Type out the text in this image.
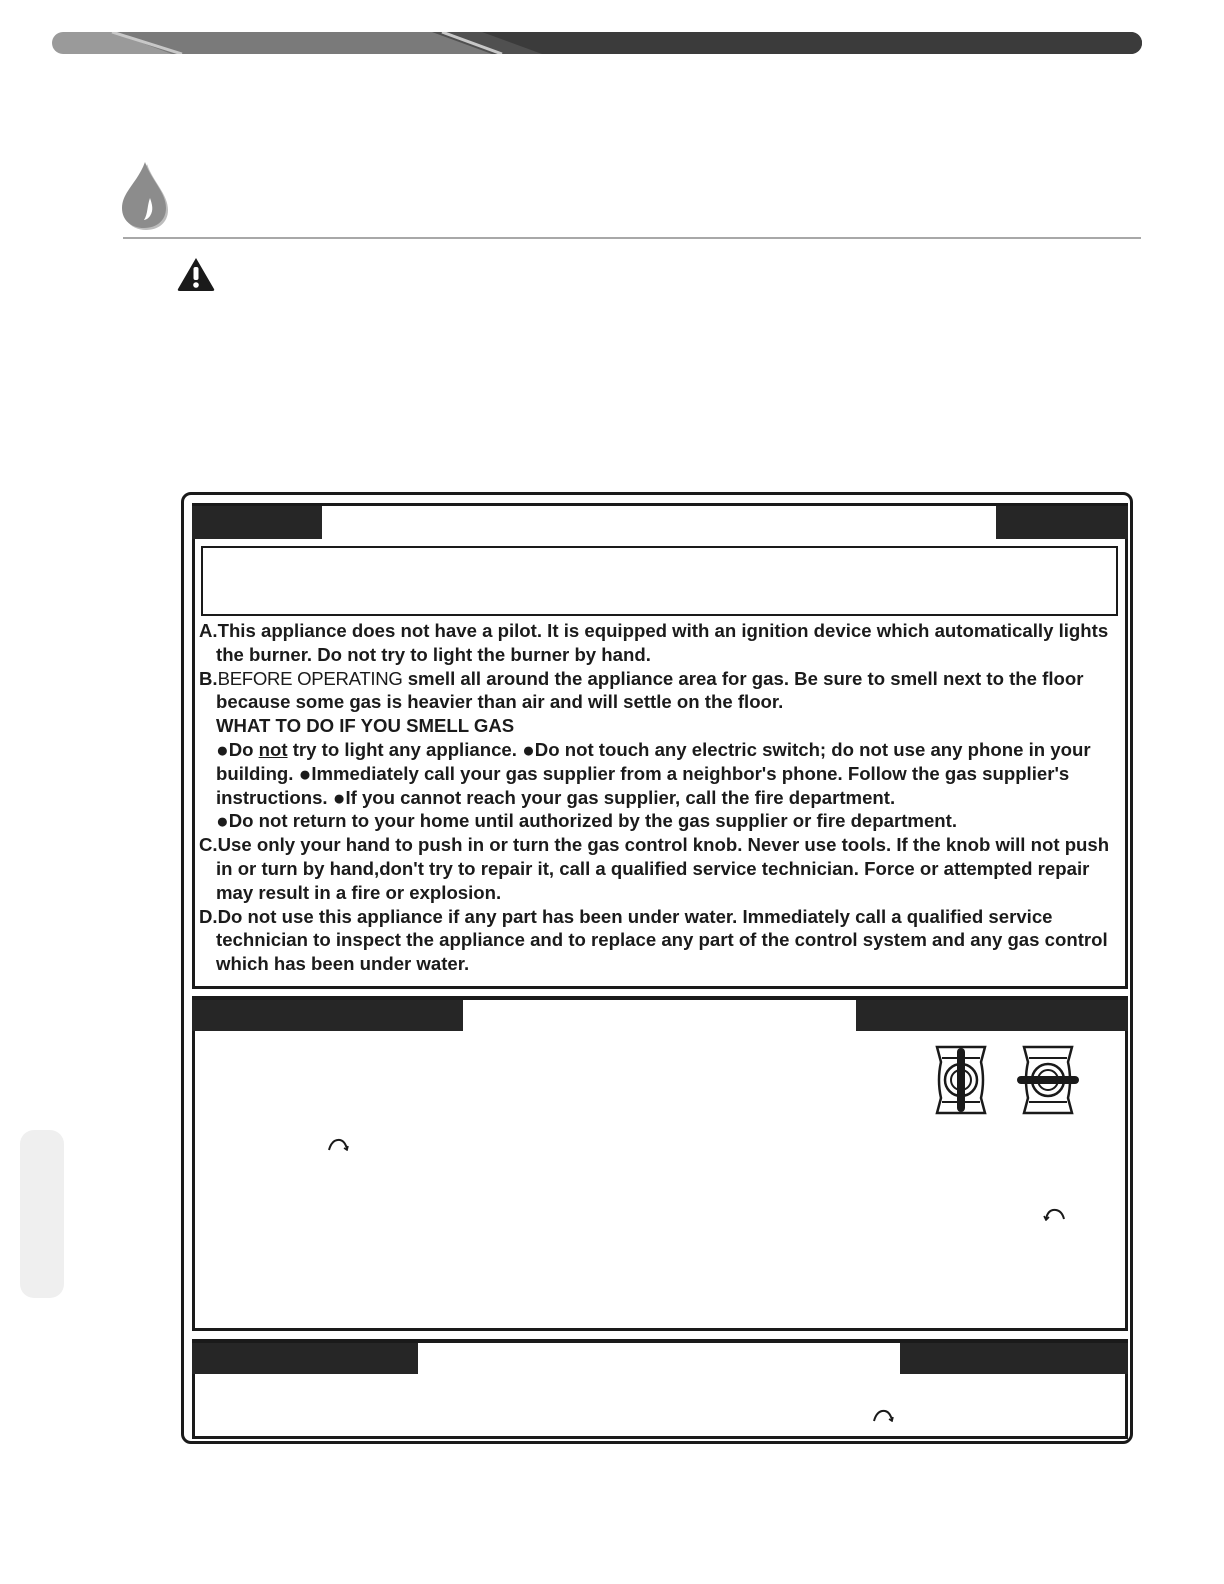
A.This appliance does not have a pilot. It is equipped with an ignition device which automatically lights the burner. Do not try to light the burner by hand.
B.BEFORE OPERATING smell all around the appliance area for gas. Be sure to smell next to the floor because some gas is heavier than air and will settle on the floor.
WHAT TO DO IF YOU SMELL GAS
●Do not try to light any appliance. ●Do not touch any electric switch; do not use any phone in your building. ●Immediately call your gas supplier from a neighbor's phone. Follow the gas supplier's instructions. ●If you cannot reach your gas supplier, call the fire department.
●Do not return to your home until authorized by the gas supplier or fire department.
C.Use only your hand to push in or turn the gas control knob. Never use tools. If the knob will not push in or turn by hand,don't try to repair it, call a qualified service technician. Force or attempted repair may result in a fire or explosion.
D.Do not use this appliance if any part has been under water. Immediately call a qualified service technician to inspect the appliance and to replace any part of the control system and any gas control which has been under water.
